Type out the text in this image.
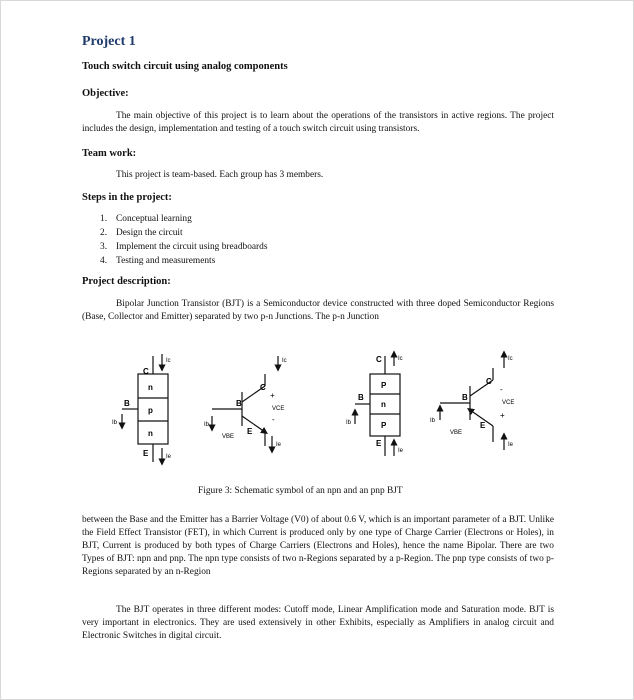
Project 1
Touch switch circuit using analog components
Objective:
The main objective of this project is to learn about the operations of the transistors in active regions. The project includes the design, implementation and testing of a touch switch circuit using transistors.
Team work:
This project is team-based. Each group has 3 members.
Steps in the project:
1. Conceptual learning
2. Design the circuit
3. Implement the circuit using breadboards
4. Testing and measurements
Project description:
Bipolar Junction Transistor (BJT) is a Semiconductor device constructed with three doped Semiconductor Regions (Base, Collector and Emitter) separated by two p-n Junctions. The p-n Junction
n
p
n
C
B
E
Ic
Ib
Ie
C
B
E
VCE
+
-
VBE
Ic
Ib
Ie
P
n
P
C
B
E
Ic
Ib
Ie
C
B
E
VCE
-
+
VBE
Ic
Ib
Ie
Figure 3: Schematic symbol of an npn and an pnp BJT
between the Base and the Emitter has a Barrier Voltage (V0) of about 0.6 V, which is an important parameter of a BJT. Unlike the Field Effect Transistor (FET), in which Current is produced only by one type of Charge Carrier (Electrons or Holes), in BJT, Current is produced by both types of Charge Carriers (Electrons and Holes), hence the name Bipolar. There are two Types of BJT: npn and pnp. The npn type consists of two n-Regions separated by a p-Region. The pnp type consists of two p-Regions separated by an n-Region
The BJT operates in three different modes: Cutoff mode, Linear Amplification mode and Saturation mode. BJT is very important in electronics. They are used extensively in other Exhibits, especially as Amplifiers in analog circuit and Electronic Switches in digital circuit.
